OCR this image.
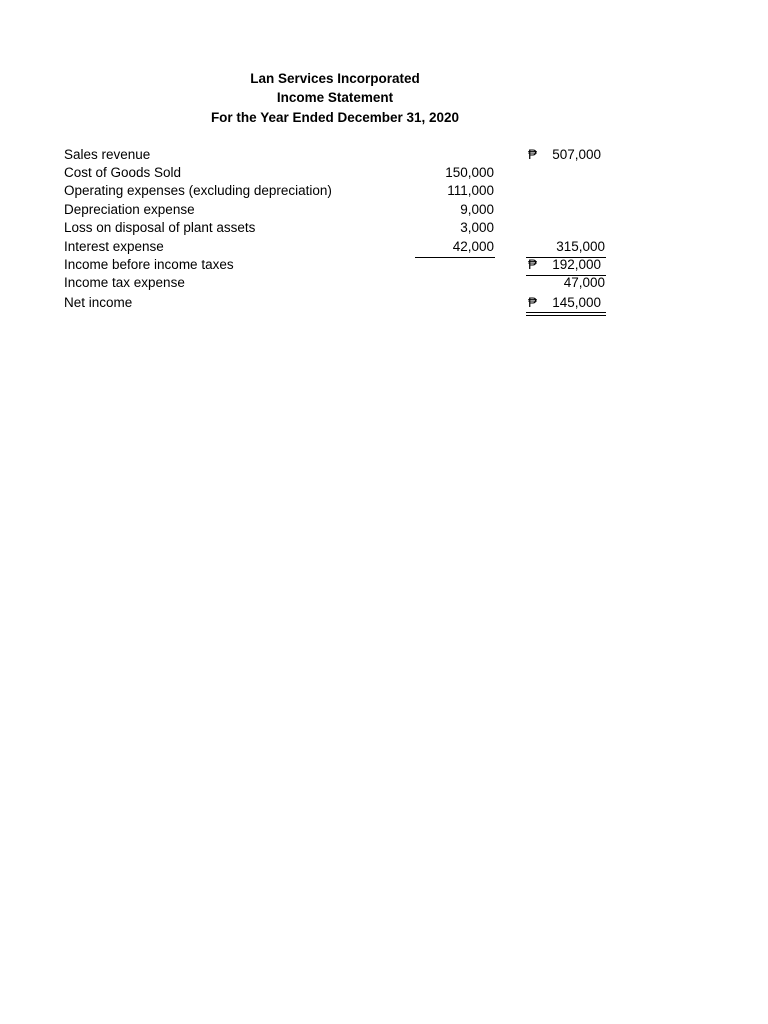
Lan Services Incorporated
Income Statement
For the Year Ended December 31, 2020
Sales revenue	₱ 507,000
Cost of Goods Sold	150,000
Operating expenses (excluding depreciation)	111,000
Depreciation expense	9,000
Loss on disposal of plant assets	3,000
Interest expense	42,000	315,000
Income before income taxes	₱ 192,000
Income tax expense	47,000
Net income	₱ 145,000
